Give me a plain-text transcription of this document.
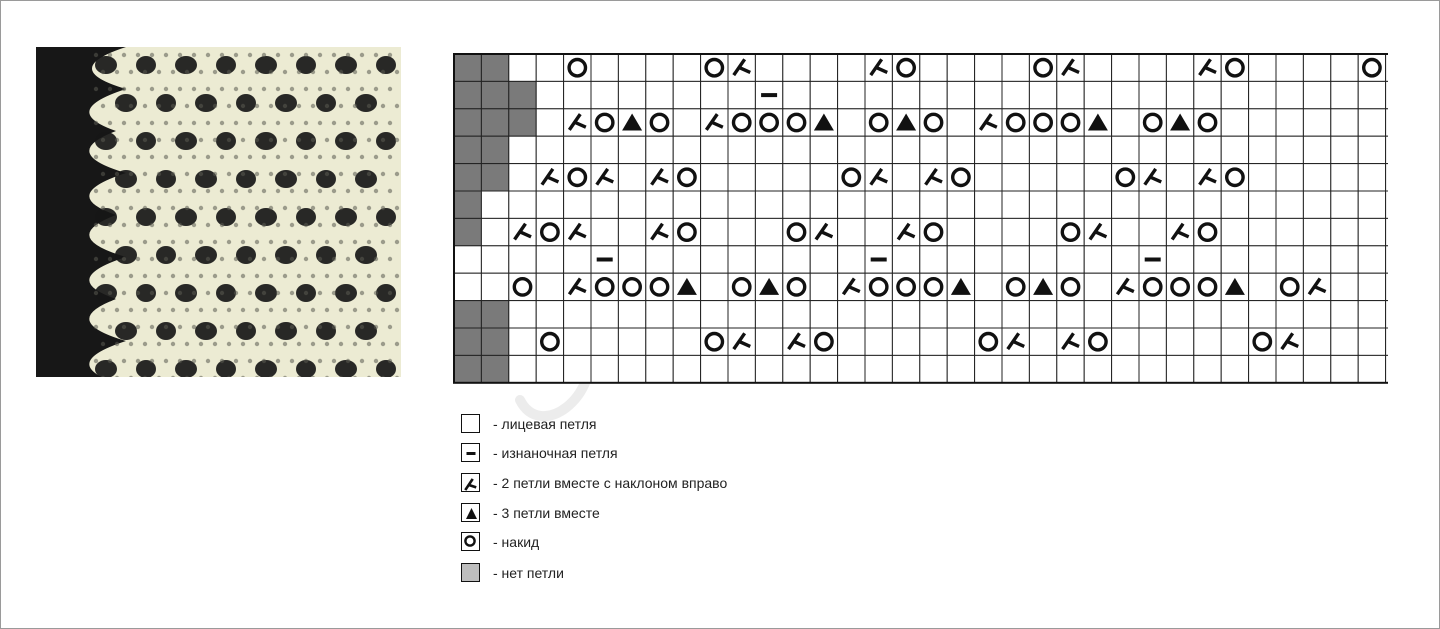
- лицевая петля
- изнаночная петля
- 2 петли вместе с наклоном вправо
- 3 петли вместе
- накид
- нет петли
